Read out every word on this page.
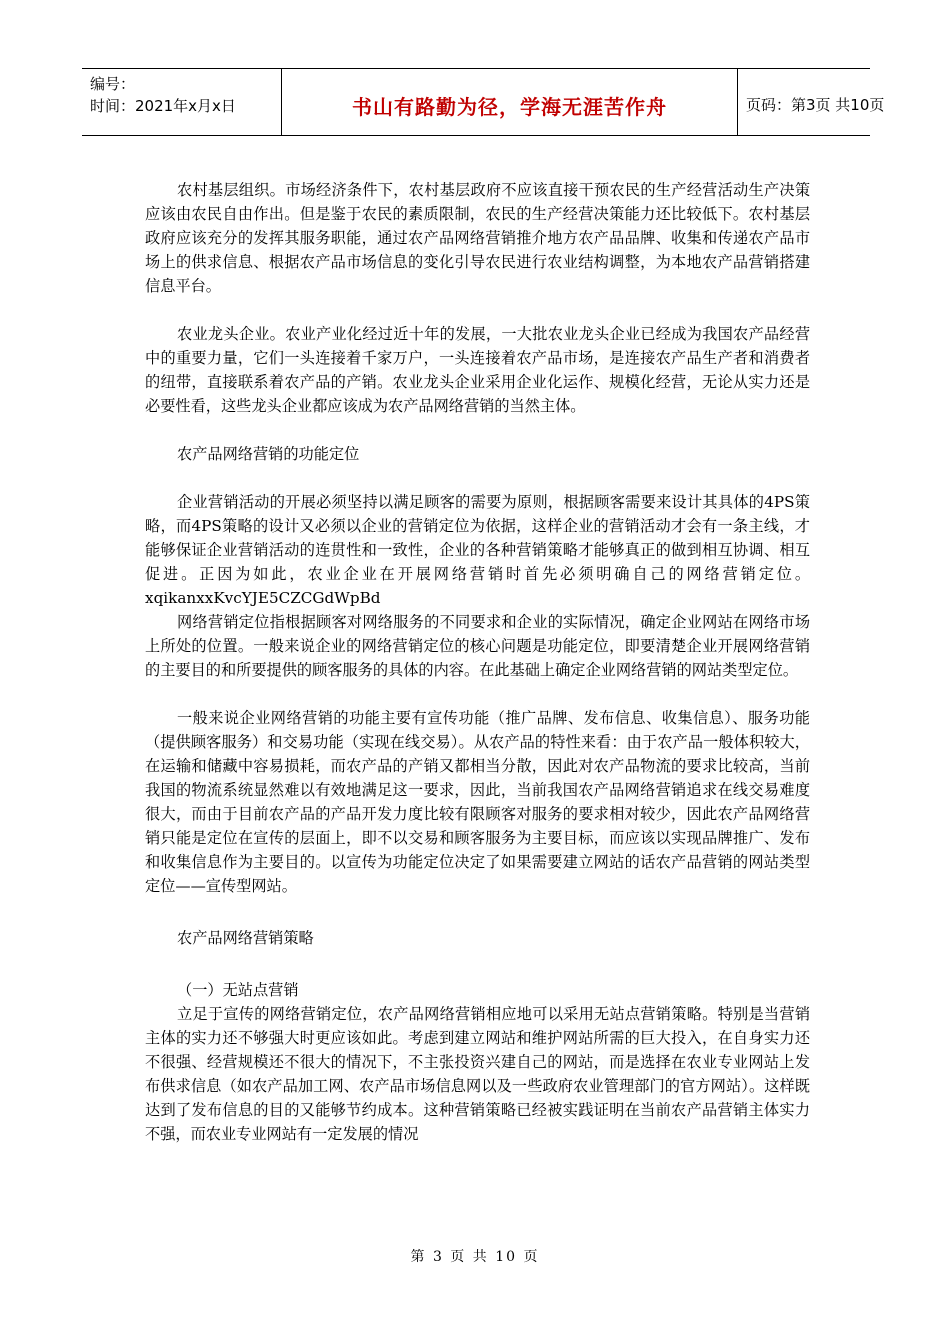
编号：
时间：2021年x月x日	书山有路勤为径，学海无涯苦作舟	页码：第3页 共10页

农村基层组织。市场经济条件下，农村基层政府不应该直接干预农民的生产经营活动生产决策应该由农民自由作出。但是鉴于农民的素质限制，农民的生产经营决策能力还比较低下。农村基层政府应该充分的发挥其服务职能，通过农产品网络营销推介地方农产品品牌、收集和传递农产品市场上的供求信息、根据农产品市场信息的变化引导农民进行农业结构调整，为本地农产品营销搭建信息平台。

农业龙头企业。农业产业化经过近十年的发展，一大批农业龙头企业已经成为我国农产品经营中的重要力量，它们一头连接着千家万户，一头连接着农产品市场，是连接农产品生产者和消费者的纽带，直接联系着农产品的产销。农业龙头企业采用企业化运作、规模化经营，无论从实力还是必要性看，这些龙头企业都应该成为农产品网络营销的当然主体。

农产品网络营销的功能定位

企业营销活动的开展必须坚持以满足顾客的需要为原则，根据顾客需要来设计其具体的4PS策略，而4PS策略的设计又必须以企业的营销定位为依据，这样企业的营销活动才会有一条主线，才能够保证企业营销活动的连贯性和一致性，企业的各种营销策略才能够真正的做到相互协调、相互促进。正因为如此，农业企业在开展网络营销时首先必须明确自己的网络营销定位。xqikanxxKvcYJE5CZCGdWpBd

网络营销定位指根据顾客对网络服务的不同要求和企业的实际情况，确定企业网站在网络市场上所处的位置。一般来说企业的网络营销定位的核心问题是功能定位，即要清楚企业开展网络营销的主要目的和所要提供的顾客服务的具体的内容。在此基础上确定企业网络营销的网站类型定位。

一般来说企业网络营销的功能主要有宣传功能（推广品牌、发布信息、收集信息）、服务功能（提供顾客服务）和交易功能（实现在线交易）。从农产品的特性来看：由于农产品一般体积较大，在运输和储藏中容易损耗，而农产品的产销又都相当分散，因此对农产品物流的要求比较高，当前我国的物流系统显然难以有效地满足这一要求，因此，当前我国农产品网络营销追求在线交易难度很大，而由于目前农产品的产品开发力度比较有限顾客对服务的要求相对较少，因此农产品网络营销只能是定位在宣传的层面上，即不以交易和顾客服务为主要目标，而应该以实现品牌推广、发布和收集信息作为主要目的。以宣传为功能定位决定了如果需要建立网站的话农产品营销的网站类型定位——宣传型网站。

农产品网络营销策略

（一）无站点营销

立足于宣传的网络营销定位，农产品网络营销相应地可以采用无站点营销策略。特别是当营销主体的实力还不够强大时更应该如此。考虑到建立网站和维护网站所需的巨大投入，在自身实力还不很强、经营规模还不很大的情况下，不主张投资兴建自己的网站，而是选择在农业专业网站上发布供求信息（如农产品加工网、农产品市场信息网以及一些政府农业管理部门的官方网站）。这样既达到了发布信息的目的又能够节约成本。这种营销策略已经被实践证明在当前农产品营销主体实力不强，而农业专业网站有一定发展的情况

第 3 页 共 10 页
